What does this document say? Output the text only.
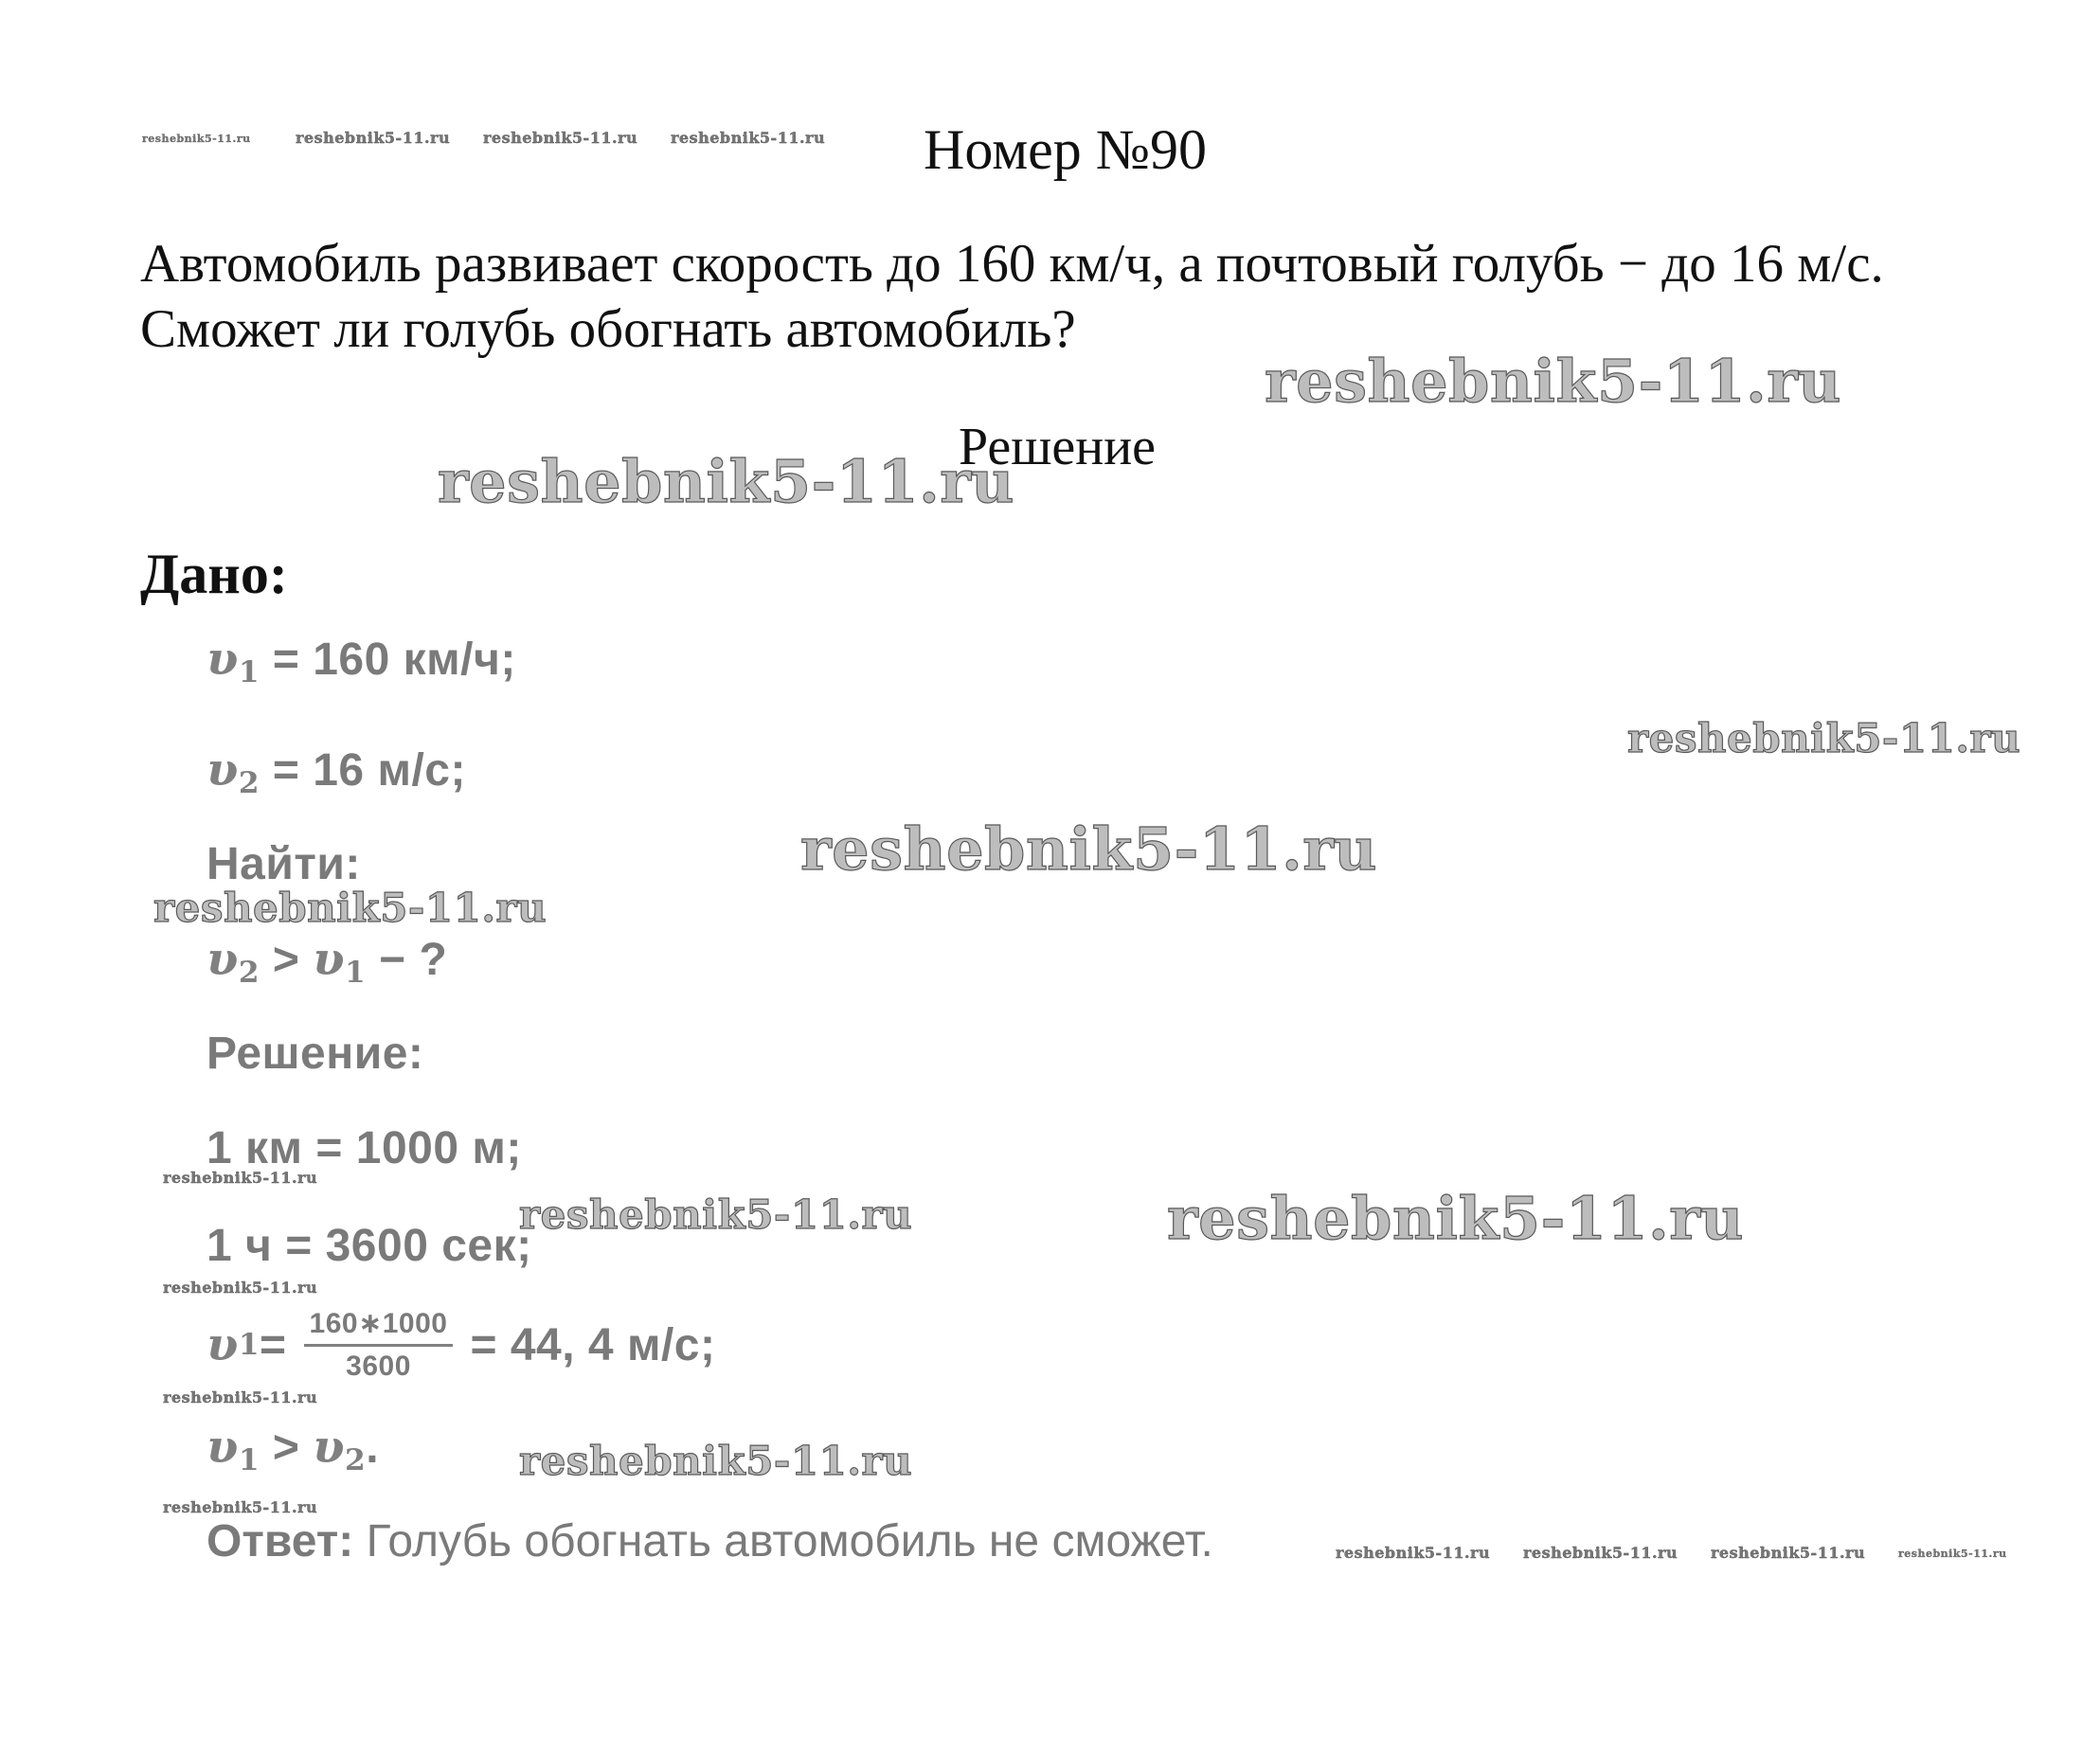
Номер №90
Автомобиль развивает скорость до 160 км/ч, а почтовый голубь − до 16 м/с.
Сможет ли голубь обогнать автомобиль?
Решение
Дано:
$\upsilon_1 = 160$ км/ч;
$\upsilon_2 = 16$ м/с;
Найти:
$\upsilon_2 > \upsilon_1$ − ?
Решение:
1 км = 1000 м;
1 ч = 3600 сек;
υ $1 = \frac{160∗1000}{3600} = 44$, 4 м/с;
$\upsilon_1 > \upsilon_2$.
Ответ: Голубь обогнать автомобиль не сможет.
reshebnik5-11.ru	reshebnik5-11.ru reshebnik5-11.ru reshebnik5-11.ru
reshebnik5-11.ru
reshebnik5-11.ru
reshebnik5-11.ru
reshebnik5-11.ru
reshebnik5-11.ru
reshebnik5-11.ru
reshebnik5-11.ru
reshebnik5-11.ru
reshebnik5-11.ru
reshebnik5-11.ru
reshebnik5-11.ru
reshebnik5-11.ru
reshebnik5-11.ru reshebnik5-11.ru reshebnik5-11.ru	reshebnik5-11.ru
